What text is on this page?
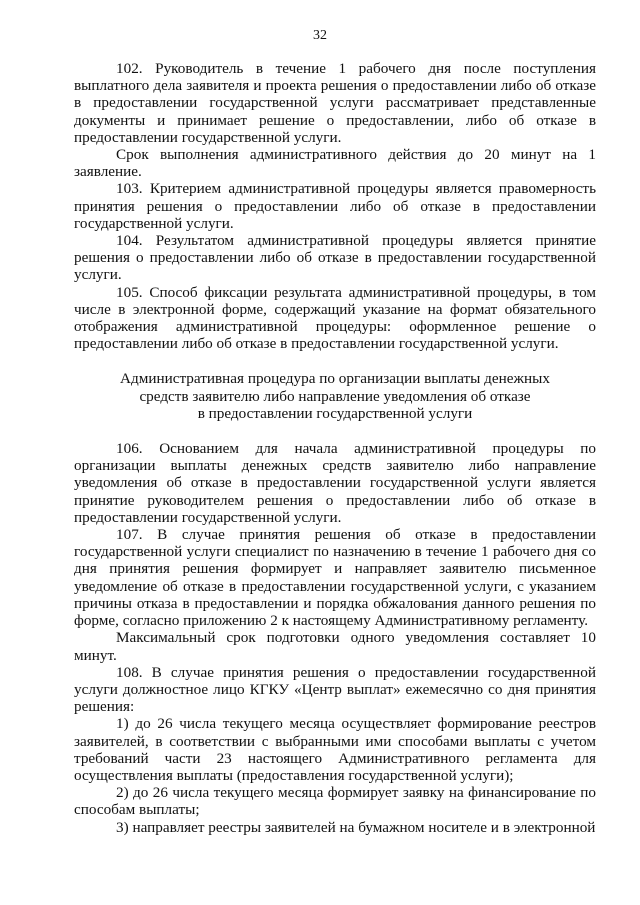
32

102. Руководитель в течение 1 рабочего дня после поступления выплатного дела заявителя и проекта решения о предоставлении либо об отказе в предоставлении государственной услуги рассматривает представленные документы и принимает решение о предоставлении, либо об отказе в предоставлении государственной услуги.

Срок выполнения административного действия до 20 минут на 1 заявление.

103. Критерием административной процедуры является правомерность принятия решения о предоставлении либо об отказе в предоставлении государственной услуги.

104. Результатом административной процедуры является принятие решения о предоставлении либо об отказе в предоставлении государственной услуги.

105. Способ фиксации результата административной процедуры, в том числе в электронной форме, содержащий указание на формат обязательного отображения административной процедуры: оформленное решение о предоставлении либо об отказе в предоставлении государственной услуги.

Административная процедура по организации выплаты денежных
средств заявителю либо направление уведомления об отказе
в предоставлении государственной услуги

106. Основанием для начала административной процедуры по организации выплаты денежных средств заявителю либо направление уведомления об отказе в предоставлении государственной услуги является принятие руководителем решения о предоставлении либо об отказе в предоставлении государственной услуги.

107. В случае принятия решения об отказе в предоставлении государственной услуги специалист по назначению в течение 1 рабочего дня со дня принятия решения формирует и направляет заявителю письменное уведомление об отказе в предоставлении государственной услуги, с указанием причины отказа в предоставлении и порядка обжалования данного решения по форме, согласно приложению 2 к настоящему Административному регламенту.

Максимальный срок подготовки одного уведомления составляет 10 минут.

108. В случае принятия решения о предоставлении государственной услуги должностное лицо КГКУ «Центр выплат» ежемесячно со дня принятия решения:

1) до 26 числа текущего месяца осуществляет формирование реестров заявителей, в соответствии с выбранными ими способами выплаты с учетом требований части 23 настоящего Административного регламента для осуществления выплаты (предоставления государственной услуги);

2) до 26 числа текущего месяца формирует заявку на финансирование по способам выплаты;

3) направляет реестры заявителей на бумажном носителе и в электронной
